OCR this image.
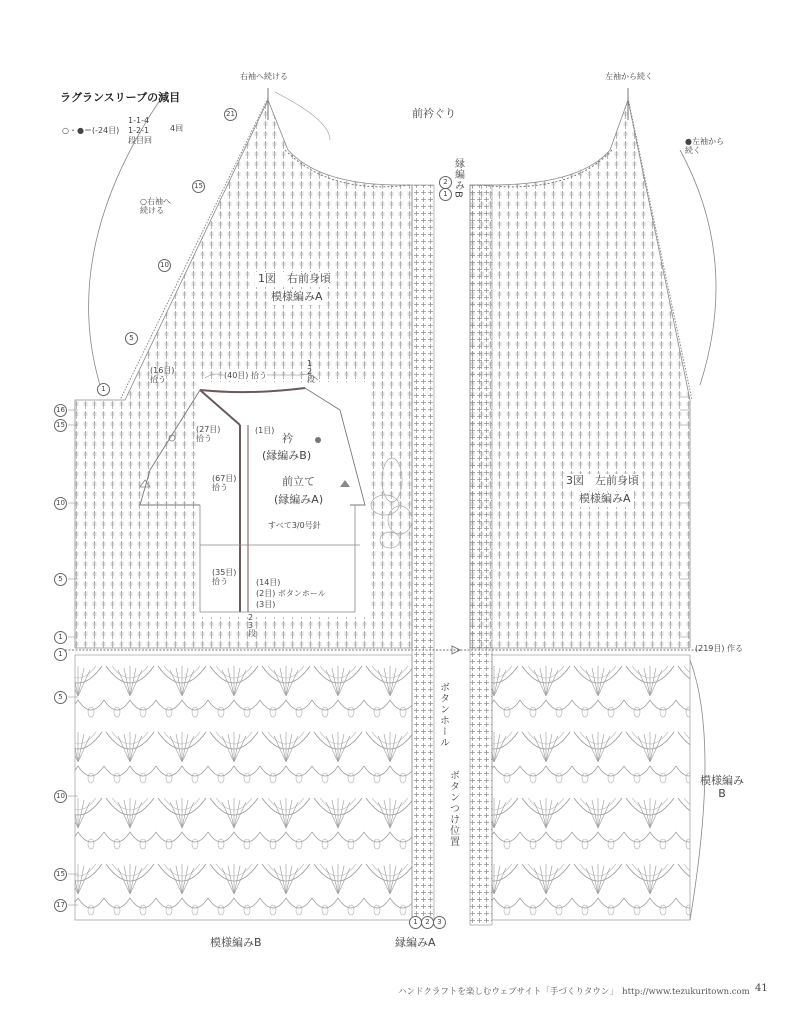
ラグランスリーブの減目
○・●＝(-24目)
1-1-4
1-2-1
段目回
4回
右袖へ続ける	左袖から続く
前衿ぐり
○右袖へ
続ける
●左袖から
続く
縁編みB
1図　右前身頃
模様編みA
3図　左前身頃
模様編みA
(40目) 拾う
1
2
段
(16目)
拾う
(27目)
拾う
(1目)
衿
(縁編みB)
(67目)
拾う	前立て
(縁編みA)
すべて3/0号針
(35目)
拾う	(14目)
(2目) ボタンホール
(3目)
2
3
段
(219目) 作る
模様編み
B
ボタンホール
ボタンつけ位置
縁編みA
模様編みB
21
15
10
5
1
16
15
10
5
1
1
5
10
15
17
2
1
1	2	3
ハンドクラフトを楽しむウェブサイト「手づくりタウン」　http://www.tezukuritown.com 41
